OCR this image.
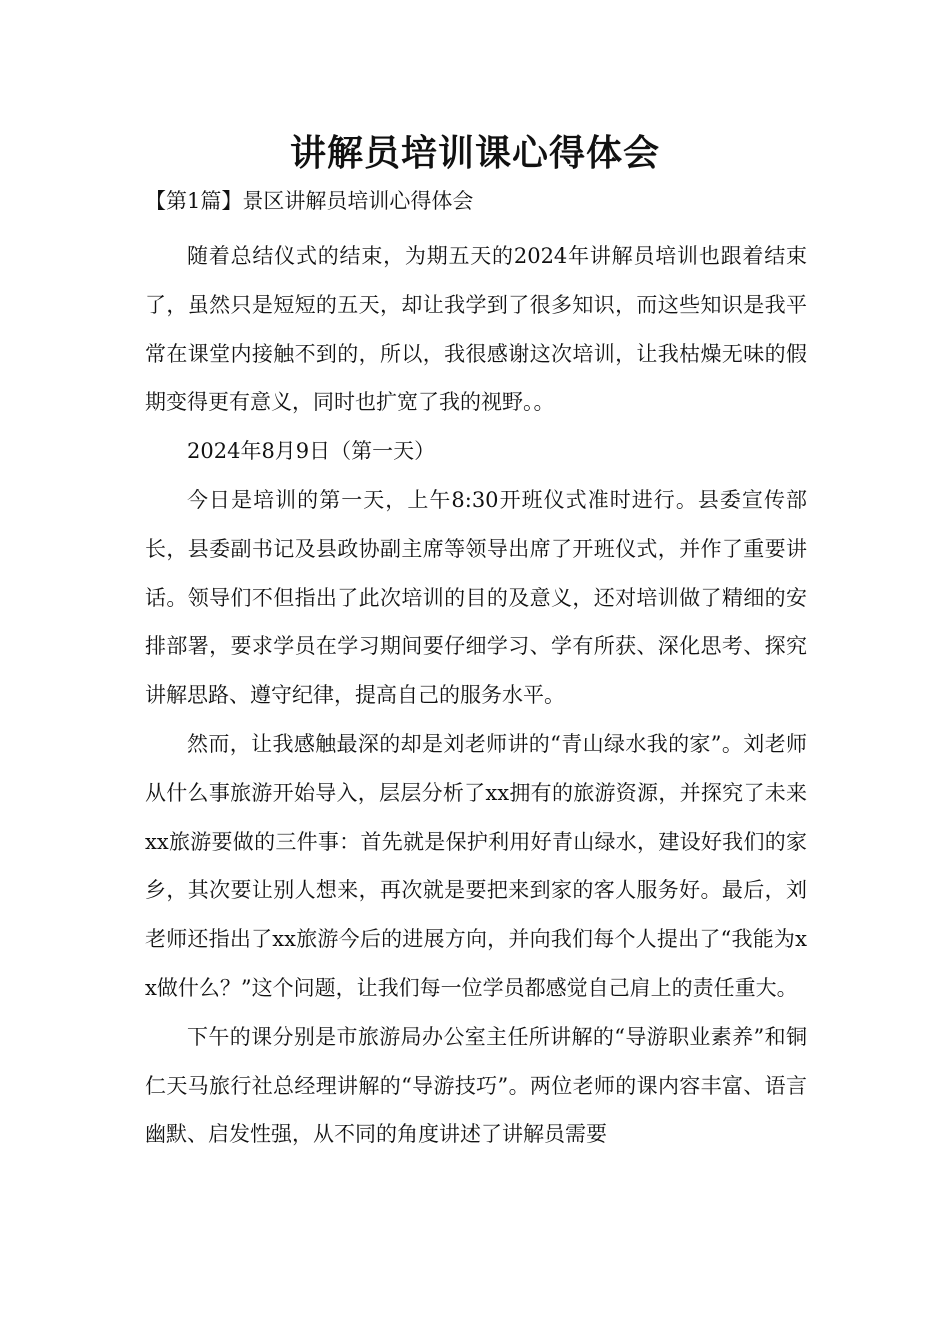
讲解员培训课心得体会

【第1篇】景区讲解员培训心得体会

随着总结仪式的结束，为期五天的2024年讲解员培训也跟着结束了，虽然只是短短的五天，却让我学到了很多知识，而这些知识是我平常在课堂内接触不到的，所以，我很感谢这次培训，让我枯燥无味的假期变得更有意义，同时也扩宽了我的视野。。

2024年8月9日（第一天）

今日是培训的第一天，上午8:30开班仪式准时进行。县委宣传部长，县委副书记及县政协副主席等领导出席了开班仪式，并作了重要讲话。领导们不但指出了此次培训的目的及意义，还对培训做了精细的安排部署，要求学员在学习期间要仔细学习、学有所获、深化思考、探究讲解思路、遵守纪律，提高自己的服务水平。

然而，让我感触最深的却是刘老师讲的“青山绿水我的家”。刘老师从什么事旅游开始导入，层层分析了xx拥有的旅游资源，并探究了未来xx旅游要做的三件事：首先就是保护利用好青山绿水，建设好我们的家乡，其次要让别人想来，再次就是要把来到家的客人服务好。最后，刘老师还指出了xx旅游今后的进展方向，并向我们每个人提出了“我能为xx做什么？”这个问题，让我们每一位学员都感觉自己肩上的责任重大。

下午的课分别是市旅游局办公室主任所讲解的“导游职业素养”和铜仁天马旅行社总经理讲解的“导游技巧”。两位老师的课内容丰富、语言幽默、启发性强，从不同的角度讲述了讲解员需要
